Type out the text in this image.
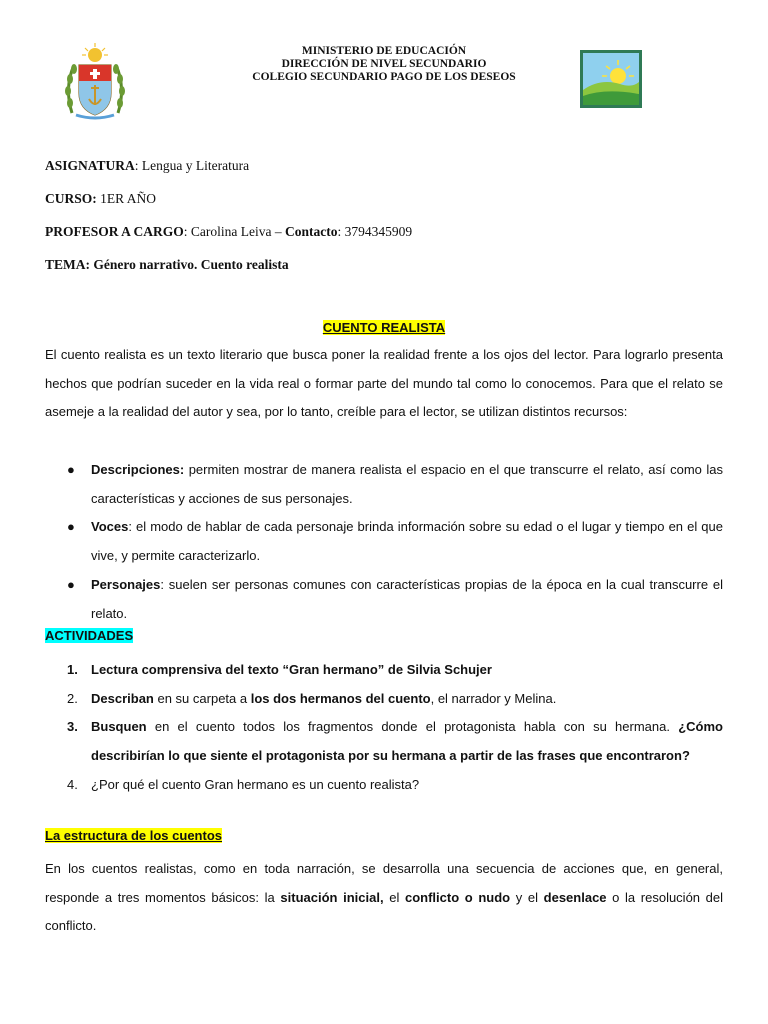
MINISTERIO DE EDUCACIÓN
DIRECCIÓN DE NIVEL SECUNDARIO
COLEGIO SECUNDARIO PAGO DE LOS DESEOS
ASIGNATURA: Lengua y Literatura
CURSO: 1ER AÑO
PROFESOR A CARGO: Carolina Leiva – Contacto: 3794345909
TEMA: Género narrativo. Cuento realista
CUENTO REALISTA
El cuento realista es un texto literario que busca poner la realidad frente a los ojos del lector. Para lograrlo presenta hechos que podrían suceder en la vida real o formar parte del mundo tal como lo conocemos. Para que el relato se asemeje a la realidad del autor y sea, por lo tanto, creíble para el lector, se utilizan distintos recursos:
● Descripciones: permiten mostrar de manera realista el espacio en el que transcurre el relato, así como las características y acciones de sus personajes.
● Voces: el modo de hablar de cada personaje brinda información sobre su edad o el lugar y tiempo en el que vive, y permite caracterizarlo.
● Personajes: suelen ser personas comunes con características propias de la época en la cual transcurre el relato.
ACTIVIDADES
1. Lectura comprensiva del texto “Gran hermano” de Silvia Schujer
2. Describan en su carpeta a los dos hermanos del cuento, el narrador y Melina.
3. Busquen en el cuento todos los fragmentos donde el protagonista habla con su hermana. ¿Cómo describirían lo que siente el protagonista por su hermana a partir de las frases que encontraron?
4. ¿Por qué el cuento Gran hermano es un cuento realista?
La estructura de los cuentos
En los cuentos realistas, como en toda narración, se desarrolla una secuencia de acciones que, en general, responde a tres momentos básicos: la situación inicial, el conflicto o nudo y el desenlace o la resolución del conflicto.
